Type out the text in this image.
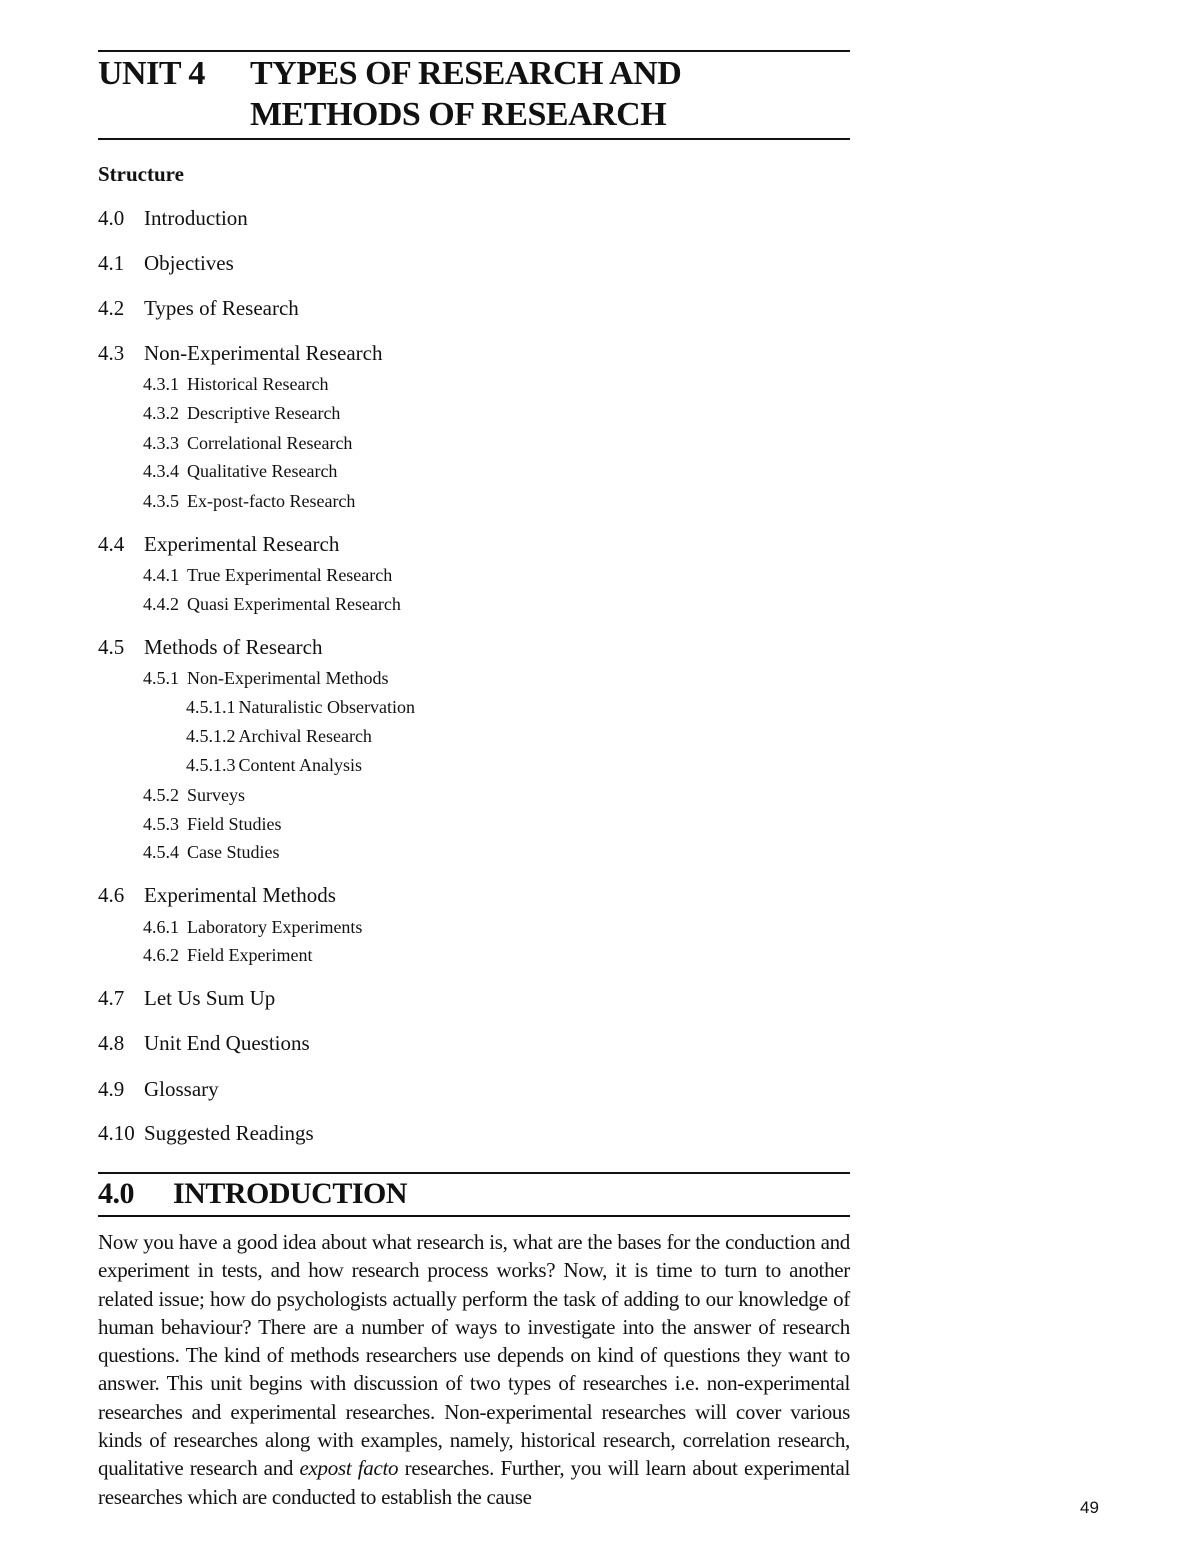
UNIT 4 TYPES OF RESEARCH AND
METHODS OF RESEARCH
Structure
4.0 Introduction
4.1 Objectives
4.2 Types of Research
4.3 Non-Experimental Research
4.3.1 Historical Research
4.3.2 Descriptive Research
4.3.3 Correlational Research
4.3.4 Qualitative Research
4.3.5 Ex-post-facto Research
4.4 Experimental Research
4.4.1 True Experimental Research
4.4.2 Quasi Experimental Research
4.5 Methods of Research
4.5.1 Non-Experimental Methods
4.5.1.1 Naturalistic Observation
4.5.1.2 Archival Research
4.5.1.3 Content Analysis
4.5.2 Surveys
4.5.3 Field Studies
4.5.4 Case Studies
4.6 Experimental Methods
4.6.1 Laboratory Experiments
4.6.2 Field Experiment
4.7 Let Us Sum Up
4.8 Unit End Questions
4.9 Glossary
4.10 Suggested Readings
4.0 INTRODUCTION

Now you have a good idea about what research is, what are the bases for the conduction and experiment in tests, and how research process works? Now, it is time to turn to another related issue; how do psychologists actually perform the task of adding to our knowledge of human behaviour? There are a number of ways to investigate into the answer of research questions. The kind of methods researchers use depends on kind of questions they want to answer. This unit begins with discussion of two types of researches i.e. non-experimental researches and experimental researches. Non-experimental researches will cover various kinds of researches along with examples, namely, historical research, correlation research, qualitative research and expost facto researches. Further, you will learn about experimental researches which are conducted to establish the cause	49
